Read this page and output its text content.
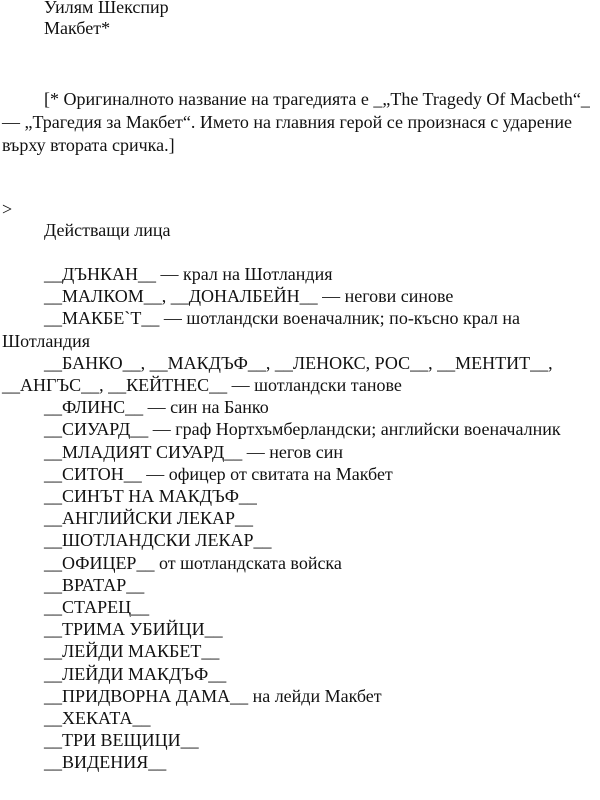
Уилям Шекспир

Макбет*

[* Оригиналното название на трагедията е _„The Tragedy Of Macbeth“_ — „Трагедия за Макбет“. Името на главния герой се произнася с ударение върху втората сричка.]

>

Действащи лица

__ДЪНКАН__ — крал на Шотландия

__МАЛКОМ__, __ДОНАЛБЕЙН__ — негови синове

__МАКБЕ`Т__ — шотландски военачалник; по-късно крал на Шотландия

__БАНКО__, __МАКДЪФ__, __ЛЕНОКС, РОС__, __МЕНТИТ__, __АНГЪС__, __КЕЙТНЕС__ — шотландски танове

__ФЛИНС__ — син на Банко

__СИУАРД__ — граф Нортхъмберландски; английски военачалник

__МЛАДИЯТ СИУАРД__ — негов син

__СИТОН__ — офицер от свитата на Макбет

__СИНЪТ НА МАКДЪФ__

__АНГЛИЙСКИ ЛЕКАР__

__ШОТЛАНДСКИ ЛЕКАР__

__ОФИЦЕР__ от шотландската войска

__ВРАТАР__

__СТАРЕЦ__

__ТРИМА УБИЙЦИ__

__ЛЕЙДИ МАКБЕТ__

__ЛЕЙДИ МАКДЪФ__

__ПРИДВОРНА ДАМА__ на лейди Макбет

__ХЕКАТА__

__ТРИ ВЕЩИЦИ__

__ВИДЕНИЯ__
